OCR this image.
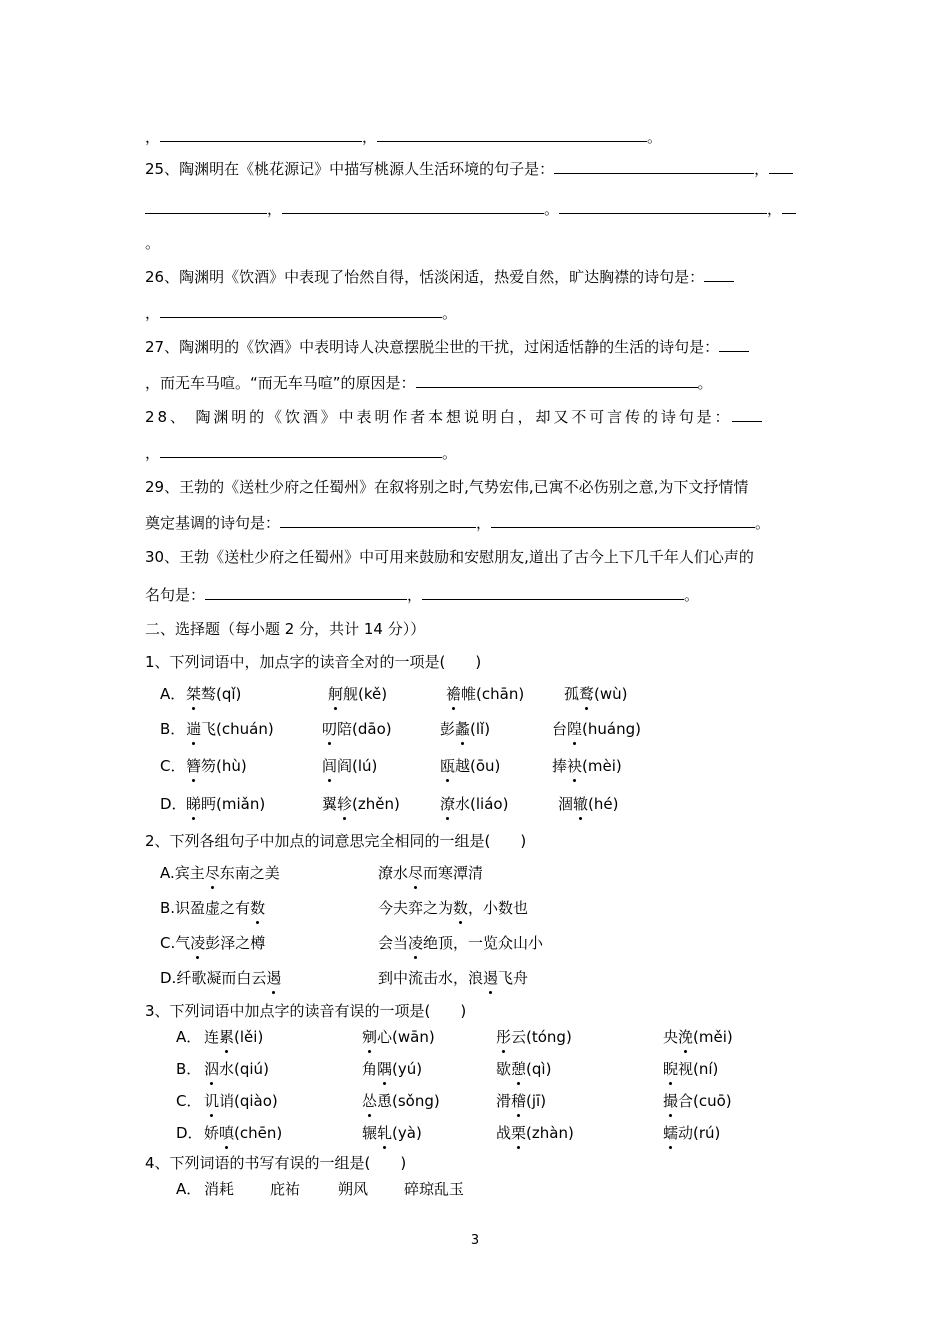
，	，	。
25、陶渊明在《桃花源记》中描写桃源人生活环境的句子是：	，
，	。	，
。
26、陶渊明《饮酒》中表现了怡然自得，恬淡闲适，热爱自然，旷达胸襟的诗句是：
，	。
27、陶渊明的《饮酒》中表明诗人决意摆脱尘世的干扰，过闲适恬静的生活的诗句是：
，而无车马喧。“而无车马喧”的原因是：	。
28、 陶渊明的《饮酒》中表明作者本想说明白，却又不可言传的诗句是：
，	。
29、王勃的《送杜少府之任蜀州》在叙将别之时,气势宏伟,已寓不必伤别之意,为下文抒情情
奠定基调的诗句是：	，	。
30、王勃《送杜少府之任蜀州》中可用来鼓励和安慰朋友,道出了古今上下几千年人们心声的
名句是：	，	。
二、选择题（每小题 2 分，共计 14 分））
1、下列词语中，加点字的读音全对的一项是(　　)
A． 桀骜(qǐ)	舸舰(kě)	襜帷(chān)	孤鹜(wù)
B． 遄飞(chuán)	叨陪(dāo)	彭蠡(lǐ)	台隍(huáng)
C． 簪笏(hù)	闾阎(lú)	瓯越(ōu)	捧袂(mèi)
D． 睇眄(miǎn)	翼轸(zhěn)	潦水(liáo)	涸辙(hé)
2、下列各组句子中加点的词意思完全相同的一组是(　　)
A.宾主尽东南之美	潦水尽而寒潭清
B.识盈虚之有数	今夫弈之为数，小数也
C.气凌彭泽之樽	会当凌绝顶，一览众山小
D.纤歌凝而白云遏	到中流击水，浪遏飞舟
3、下列词语中加点字的读音有误的一项是(　　)
A． 连累(lěi)	剜心(wān)	彤云(tóng)	央浼(měi)
B． 泅水(qiú)	角隅(yú)	歇憩(qì)	睨视(ní)
C． 讥诮(qiào)	怂恿(sǒng)	滑稽(jī)	撮合(cuō)
D． 娇嗔(chēn)	辗轧(yà)	战栗(zhàn)	蠕动(rú)
4、下列词语的书写有误的一组是(　　)
A． 消耗 庇祐	朔风 碎琼乱玉
3
